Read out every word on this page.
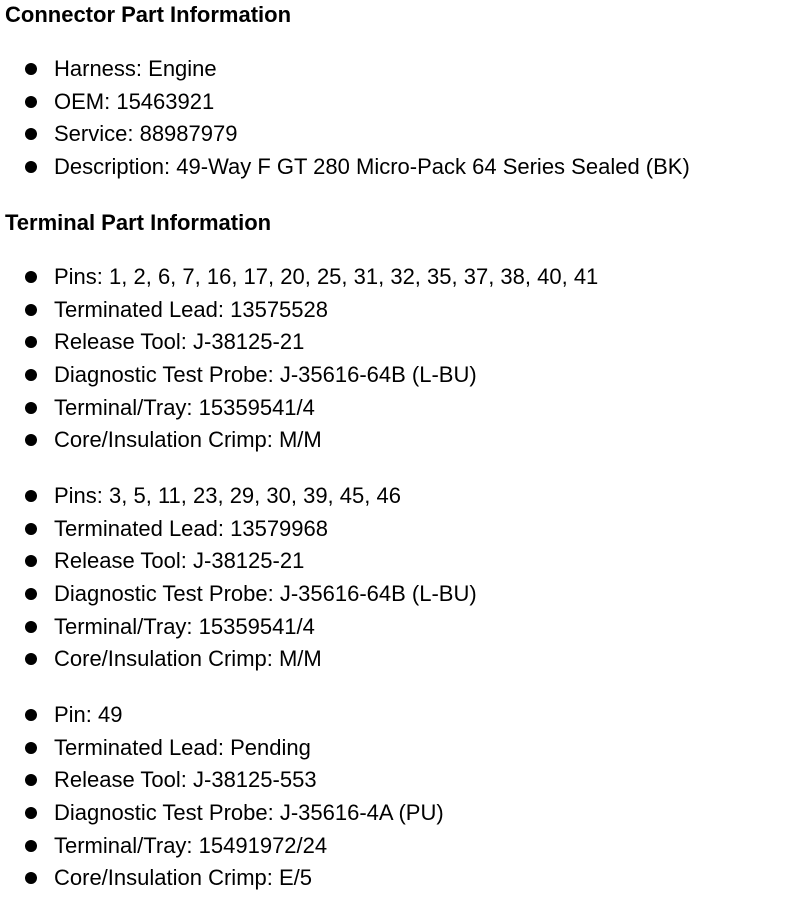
Connector Part Information
Harness: Engine
OEM: 15463921
Service: 88987979
Description: 49-Way F GT 280 Micro-Pack 64 Series Sealed (BK)
Terminal Part Information
Pins: 1, 2, 6, 7, 16, 17, 20, 25, 31, 32, 35, 37, 38, 40, 41
Terminated Lead: 13575528
Release Tool: J-38125-21
Diagnostic Test Probe: J-35616-64B (L-BU)
Terminal/Tray: 15359541/4
Core/Insulation Crimp: M/M
Pins: 3, 5, 11, 23, 29, 30, 39, 45, 46
Terminated Lead: 13579968
Release Tool: J-38125-21
Diagnostic Test Probe: J-35616-64B (L-BU)
Terminal/Tray: 15359541/4
Core/Insulation Crimp: M/M
Pin: 49
Terminated Lead: Pending
Release Tool: J-38125-553
Diagnostic Test Probe: J-35616-4A (PU)
Terminal/Tray: 15491972/24
Core/Insulation Crimp: E/5
